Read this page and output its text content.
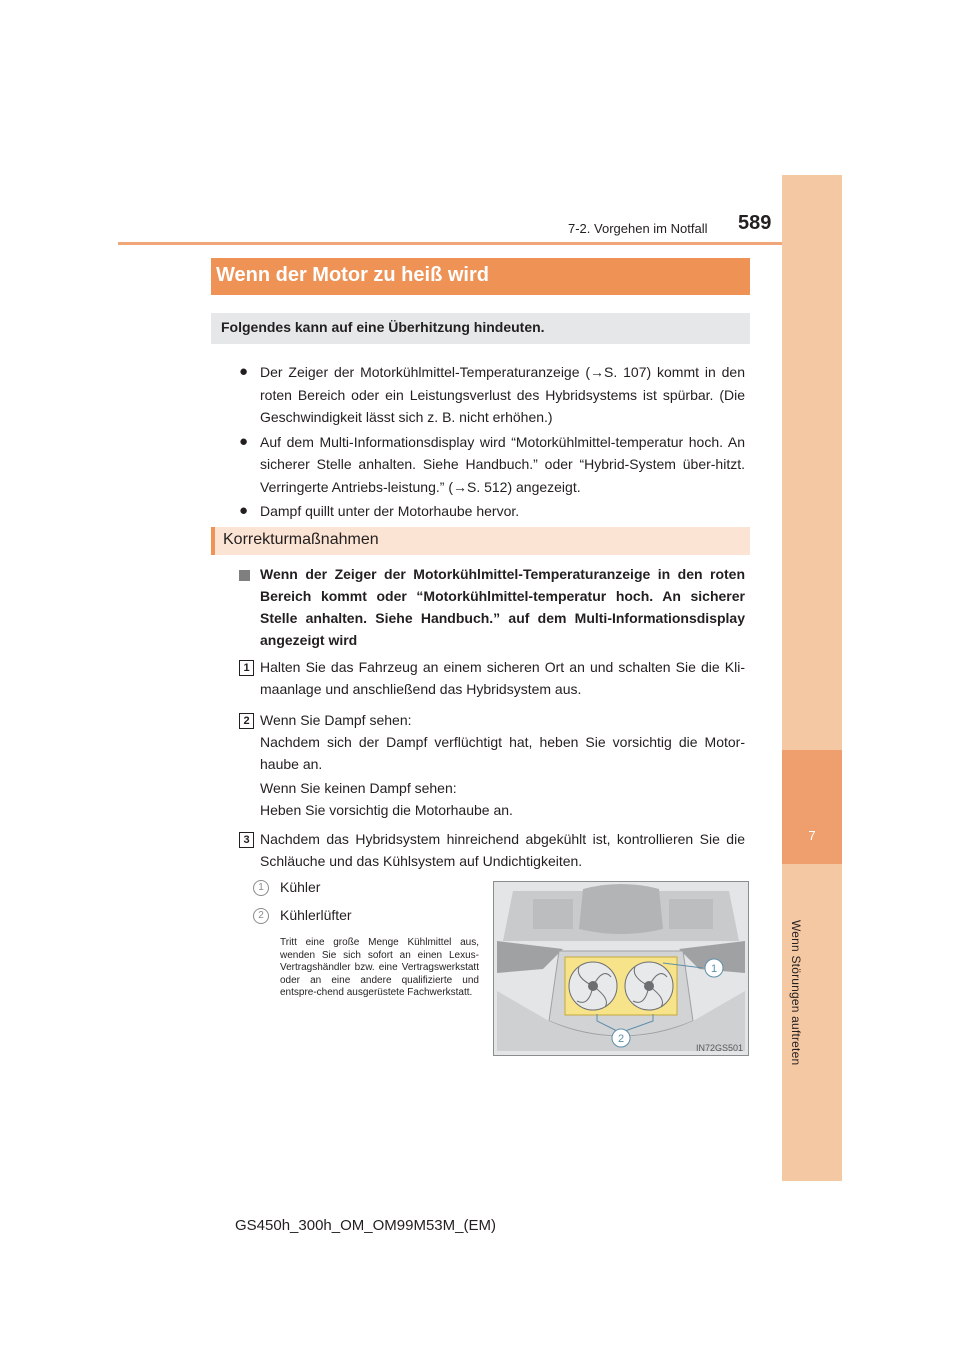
7-2. Vorgehen im Notfall 589
7
Wenn Störungen auftreten
Wenn der Motor zu heiß wird
Folgendes kann auf eine Überhitzung hindeuten.
● Der Zeiger der Motorkühlmittel-Temperaturanzeige (→S. 107) kommt in den roten Bereich oder ein Leistungsverlust des Hybridsystems ist spürbar. (Die Geschwindigkeit lässt sich z. B. nicht erhöhen.)
● Auf dem Multi-Informationsdisplay wird “Motorkühlmittel-temperatur hoch. An sicherer Stelle anhalten. Siehe Handbuch.” oder “Hybrid-System über-hitzt. Verringerte Antriebs-leistung.” (→S. 512) angezeigt.
● Dampf quillt unter der Motorhaube hervor.
Korrekturmaßnahmen
Wenn der Zeiger der Motorkühlmittel-Temperaturanzeige in den roten Bereich kommt oder “Motorkühlmittel-temperatur hoch. An sicherer Stelle anhalten. Siehe Handbuch.” auf dem Multi-Informationsdisplay angezeigt wird
1 Halten Sie das Fahrzeug an einem sicheren Ort an und schalten Sie die Kli-maanlage und anschließend das Hybridsystem aus.
2 Wenn Sie Dampf sehen:
Nachdem sich der Dampf verflüchtigt hat, heben Sie vorsichtig die Motor-haube an.
Wenn Sie keinen Dampf sehen:
Heben Sie vorsichtig die Motorhaube an.
3 Nachdem das Hybridsystem hinreichend abgekühlt ist, kontrollieren Sie die Schläuche und das Kühlsystem auf Undichtigkeiten.
1	Kühler
2	Kühlerlüfter
Tritt eine große Menge Kühlmittel aus, wenden Sie sich sofort an einen Lexus-Vertragshändler bzw. eine Vertragswerkstatt oder an eine andere qualifizierte und entspre-chend ausgerüstete Fachwerkstatt.
1
2
IN72GS501
GS450h_300h_OM_OM99M53M_(EM)
